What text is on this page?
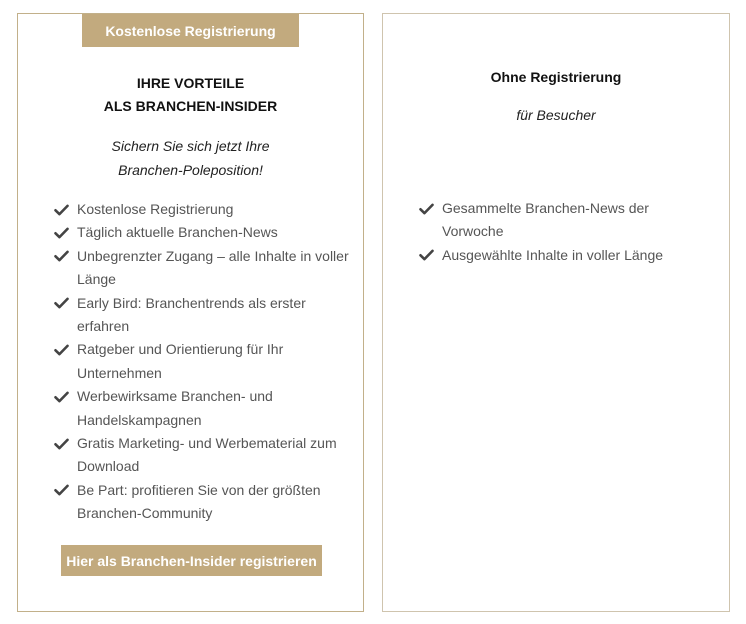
Kostenlose Registrierung
IHRE VORTEILE
ALS BRANCHEN-INSIDER
Sichern Sie sich jetzt Ihre
Branchen-Poleposition!
Kostenlose Registrierung
Täglich aktuelle Branchen-News
Unbegrenzter Zugang – alle Inhalte in voller Länge
Early Bird: Branchentrends als erster erfahren
Ratgeber und Orientierung für Ihr Unternehmen
Werbewirksame Branchen- und Handelskampagnen
Gratis Marketing- und Werbematerial zum Download
Be Part: profitieren Sie von der größten Branchen-Community
Hier als Branchen-Insider registrieren
Ohne Registrierung
für Besucher
Gesammelte Branchen-News der Vorwoche
Ausgewählte Inhalte in voller Länge
